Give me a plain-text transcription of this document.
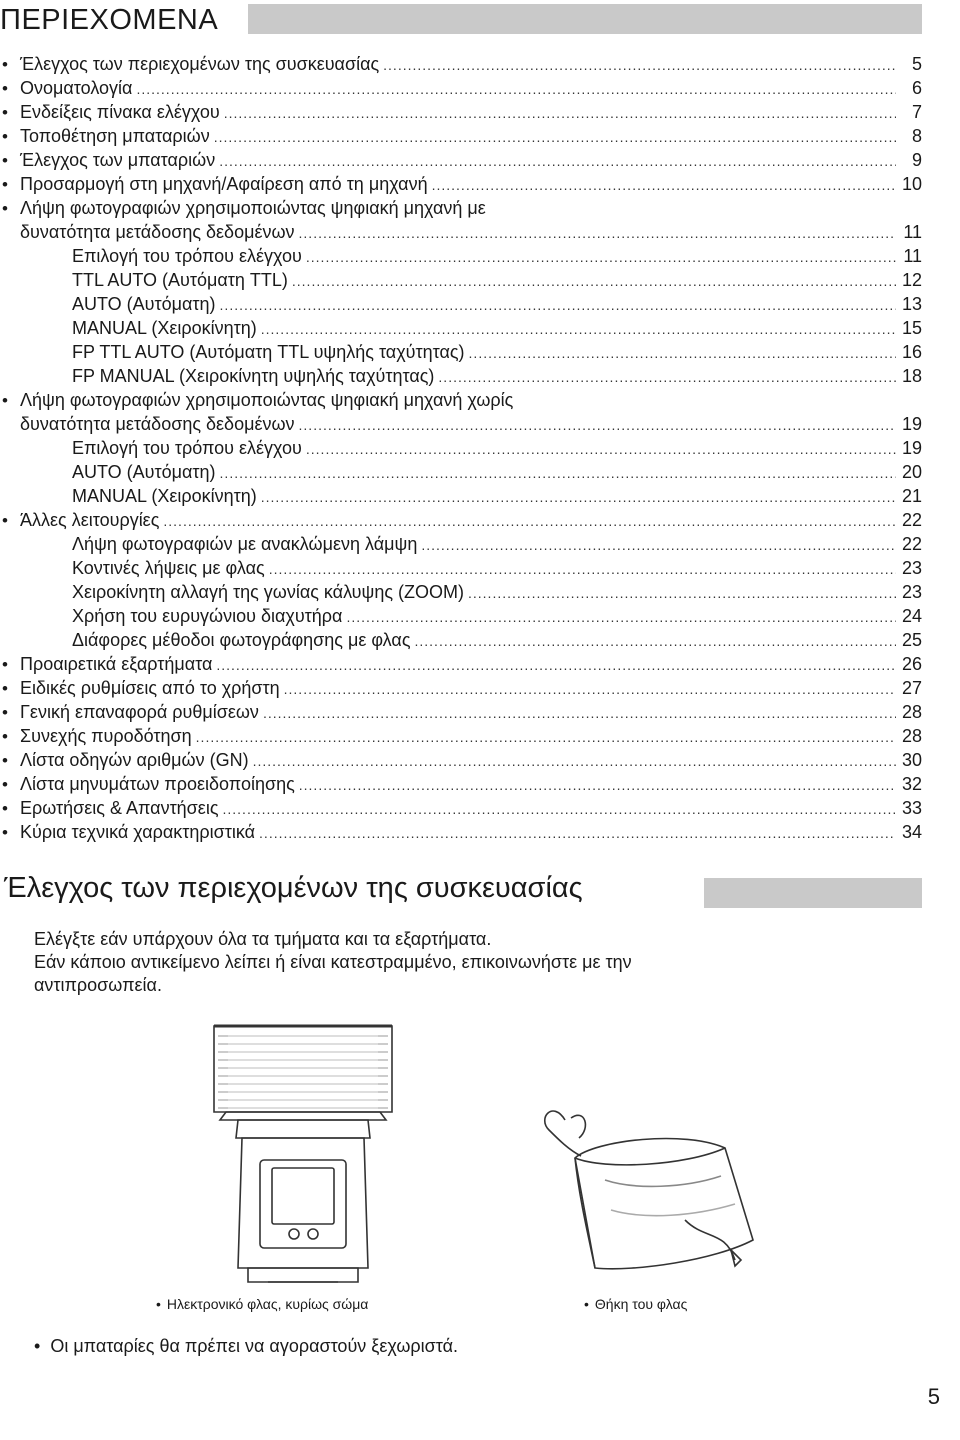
ΠΕΡΙΕΧΟΜΕΝΑ
•
Έλεγχος των περιεχομένων της συσκευασίας .....	5
•
Ονοματολογία .....	6
•
Ενδείξεις πίνακα ελέγχου .....	7
•
Τοποθέτηση μπαταριών .....	8
•
Έλεγχος των μπαταριών .....	9
•
Προσαρμογή στη μηχανή/Αφαίρεση από τη μηχανή .....	10
•
Λήψη φωτογραφιών χρησιμοποιώντας ψηφιακή μηχανή με
δυνατότητα μετάδοσης δεδομένων .....	11
Επιλογή του τρόπου ελέγχου .....	11
TTL AUTO (Αυτόματη TTL) .....	12
AUTO (Αυτόματη) .....	13
MANUAL (Χειροκίνητη) .....	15
FP TTL AUTO (Αυτόματη TTL υψηλής ταχύτητας) .....	16
FP MANUAL (Χειροκίνητη υψηλής ταχύτητας) .....	18
•
Λήψη φωτογραφιών χρησιμοποιώντας ψηφιακή μηχανή χωρίς
δυνατότητα μετάδοσης δεδομένων .....	19
Επιλογή του τρόπου ελέγχου .....	19
AUTO (Αυτόματη) .....	20
MANUAL (Χειροκίνητη) .....	21
•
Άλλες λειτουργίες .....	22
Λήψη φωτογραφιών με ανακλώμενη λάμψη .....	22
Κοντινές λήψεις με φλας .....	23
Χειροκίνητη αλλαγή της γωνίας κάλυψης (ZOOM) .....	23
Χρήση του ευρυγώνιου διαχυτήρα .....	24
Διάφορες μέθοδοι φωτογράφησης με φλας .....	25
•
Προαιρετικά εξαρτήματα .....	26
•
Ειδικές ρυθμίσεις από το χρήστη .....	27
•
Γενική επαναφορά ρυθμίσεων .....	28
•
Συνεχής πυροδότηση .....	28
•
Λίστα οδηγών αριθμών (GN) .....	30
•
Λίστα μηνυμάτων προειδοποίησης .....	32
•
Ερωτήσεις & Απαντήσεις .....	33
•
Κύρια τεχνικά χαρακτηριστικά .....	34
Έλεγχος των περιεχομένων της συσκευασίας

Ελέγξτε εάν υπάρχουν όλα τα τμήματα και τα εξαρτήματα.

Εάν κάποιο αντικείμενο λείπει ή είναι κατεστραμμένο, επικοινωνήστε με την

αντιπροσωπεία.

• Ηλεκτρονικό φλας, κυρίως σώμα	• Θήκη του φλας
• Οι μπαταρίες θα πρέπει να αγοραστούν ξεχωριστά.
5
